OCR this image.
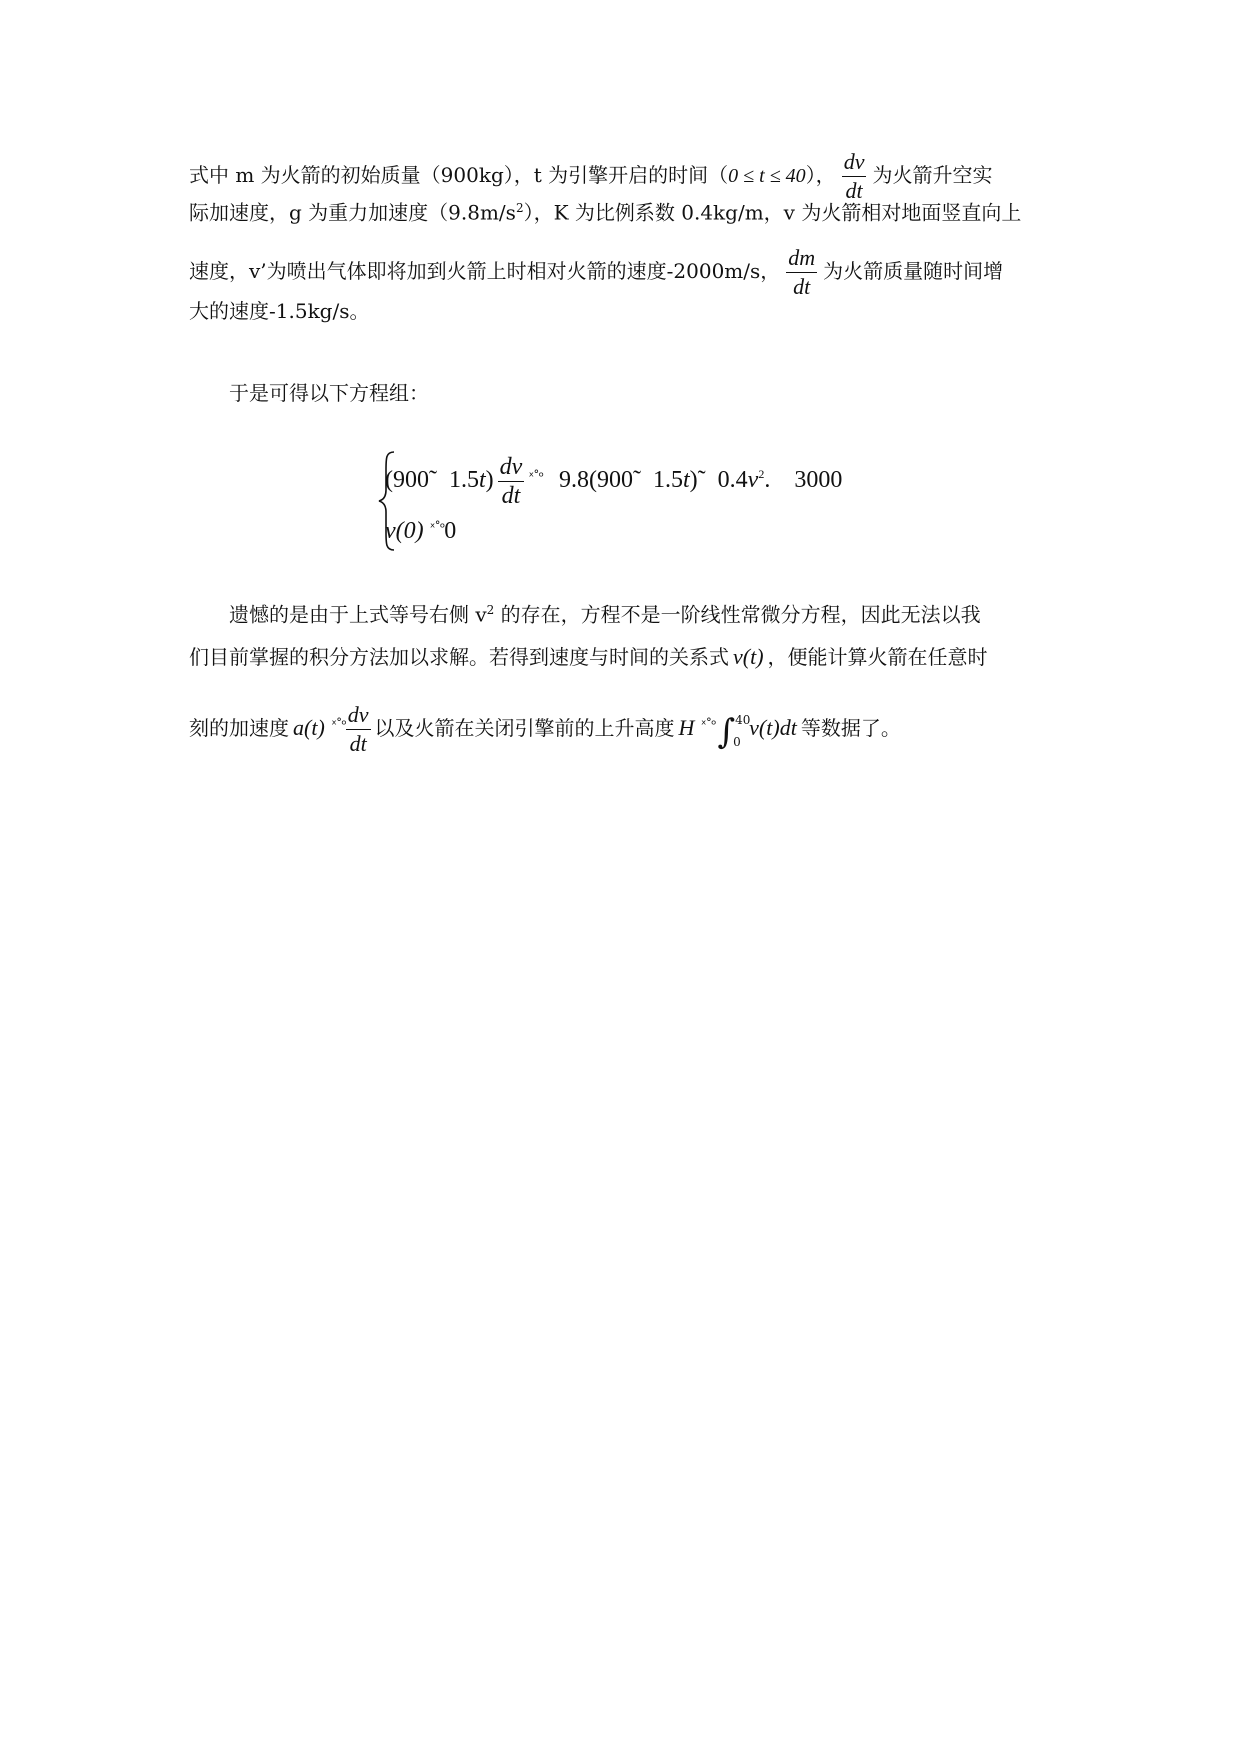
式中 m 为火箭的初始质量（900kg），t 为引擎开启的时间（0 ≤ t ≤ 40）， $\frac{dv}{dt}$ 为火箭升空实
际加速度，g 为重力加速度$(9.8m/s^2)$，K 为比例系数 0.4kg/m，v 为火箭相对地面竖直向上
速度，v’为喷出气体即将加到火箭上时相对火箭的速度-2000m/s， $\frac{dm}{dt}$ 为火箭质量随时间增
大的速度-1.5kg/s。
于是可得以下方程组：
(900 $1.5t) \frac{dv}{dt} ^{ˣ˚ᵒ}$ 9.8(900 1.5t)̃ $0.4v^2$. 3000
v(0) $^{ˣ˚ᵒ}$0
遗憾的是由于上式等号右侧 $v^2$ 的存在，方程不是一阶线性常微分方程，因此无法以我
们目前掌握的积分方法加以求解。若得到速度与时间的关系式 v(t) ，便能计算火箭在任意时
刻的加速度 a(t) $^{ˣ˚ᵒ} \frac{dv}{dt}$ 以及火箭在关闭引擎前的上升高度 H $^{ˣ˚ᵒ}$∫ 40
0
v(t)dt 等数据了。
